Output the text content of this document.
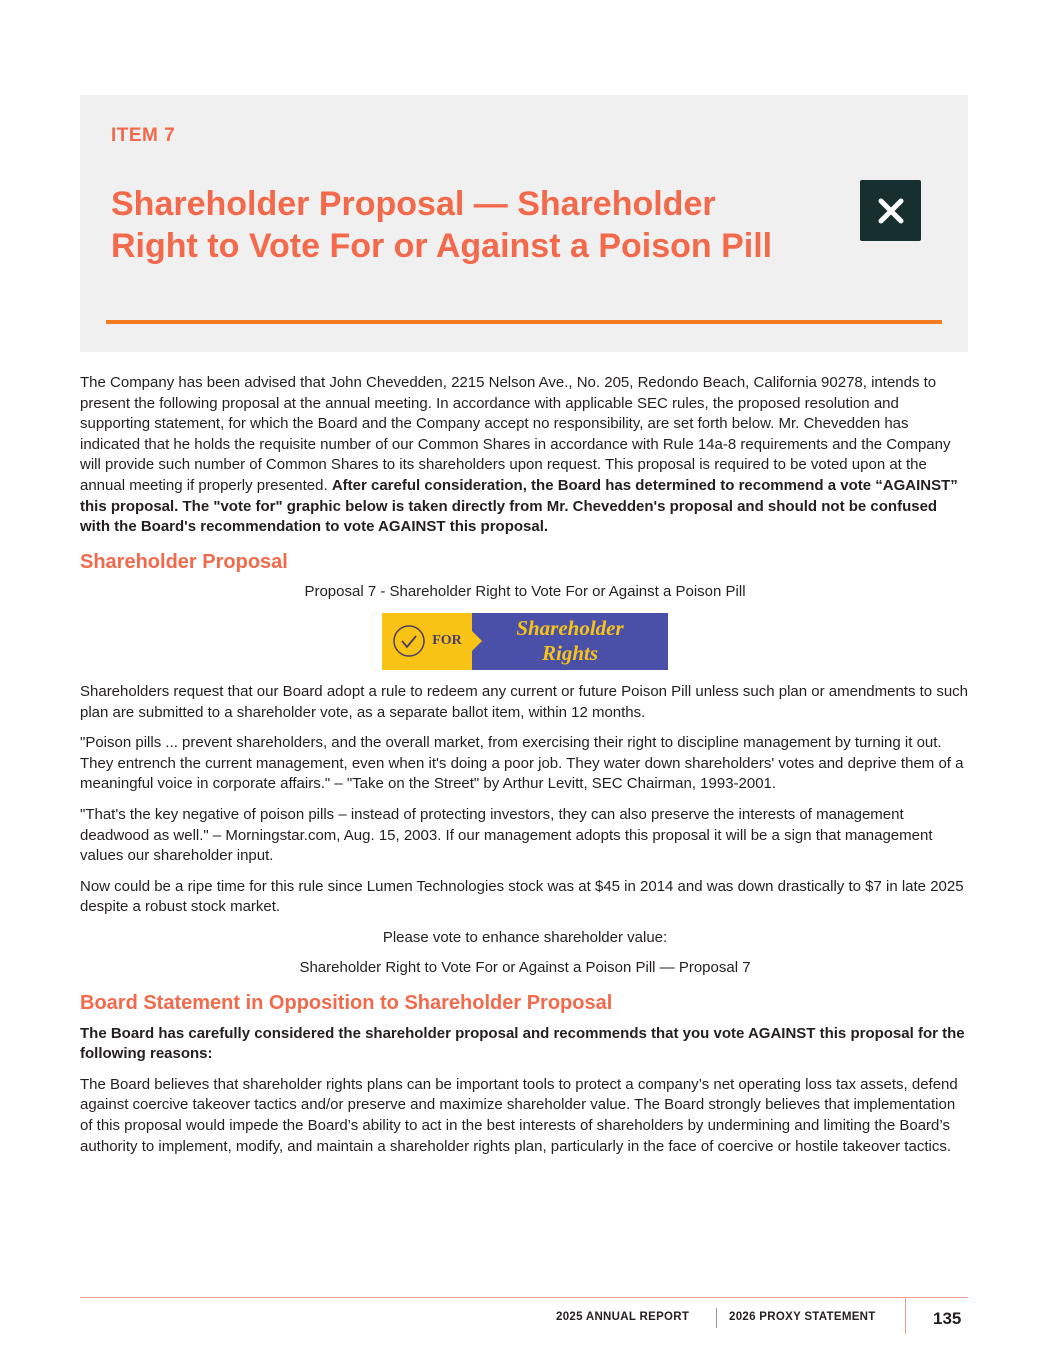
ITEM 7
Shareholder Proposal — Shareholder Right to Vote For or Against a Poison Pill

The Company has been advised that John Chevedden, 2215 Nelson Ave., No. 205, Redondo Beach, California 90278, intends to present the following proposal at the annual meeting. In accordance with applicable SEC rules, the proposed resolution and supporting statement, for which the Board and the Company accept no responsibility, are set forth below. Mr. Chevedden has indicated that he holds the requisite number of our Common Shares in accordance with Rule 14a-8 requirements and the Company will provide such number of Common Shares to its shareholders upon request. This proposal is required to be voted upon at the annual meeting if properly presented. After careful consideration, the Board has determined to recommend a vote “AGAINST” this proposal. The "vote for" graphic below is taken directly from Mr. Chevedden's proposal and should not be confused with the Board's recommendation to vote AGAINST this proposal.

Shareholder Proposal

Proposal 7 - Shareholder Right to Vote For or Against a Poison Pill

FOR
Shareholder
Rights

Shareholders request that our Board adopt a rule to redeem any current or future Poison Pill unless such plan or amendments to such plan are submitted to a shareholder vote, as a separate ballot item, within 12 months.

"Poison pills ... prevent shareholders, and the overall market, from exercising their right to discipline management by turning it out. They entrench the current management, even when it's doing a poor job. They water down shareholders' votes and deprive them of a meaningful voice in corporate affairs." – "Take on the Street" by Arthur Levitt, SEC Chairman, 1993-2001.

"That's the key negative of poison pills – instead of protecting investors, they can also preserve the interests of management deadwood as well." – Morningstar.com, Aug. 15, 2003. If our management adopts this proposal it will be a sign that management values our shareholder input.

Now could be a ripe time for this rule since Lumen Technologies stock was at $45 in 2014 and was down drastically to $7 in late 2025 despite a robust stock market.

Please vote to enhance shareholder value:

Shareholder Right to Vote For or Against a Poison Pill — Proposal 7

Board Statement in Opposition to Shareholder Proposal

The Board has carefully considered the shareholder proposal and recommends that you vote AGAINST this proposal for the following reasons:

The Board believes that shareholder rights plans can be important tools to protect a company’s net operating loss tax assets, defend against coercive takeover tactics and/or preserve and maximize shareholder value. The Board strongly believes that implementation of this proposal would impede the Board’s ability to act in the best interests of shareholders by undermining and limiting the Board’s authority to implement, modify, and maintain a shareholder rights plan, particularly in the face of coercive or hostile takeover tactics.

2025 ANNUAL REPORT	2026 PROXY STATEMENT	135
